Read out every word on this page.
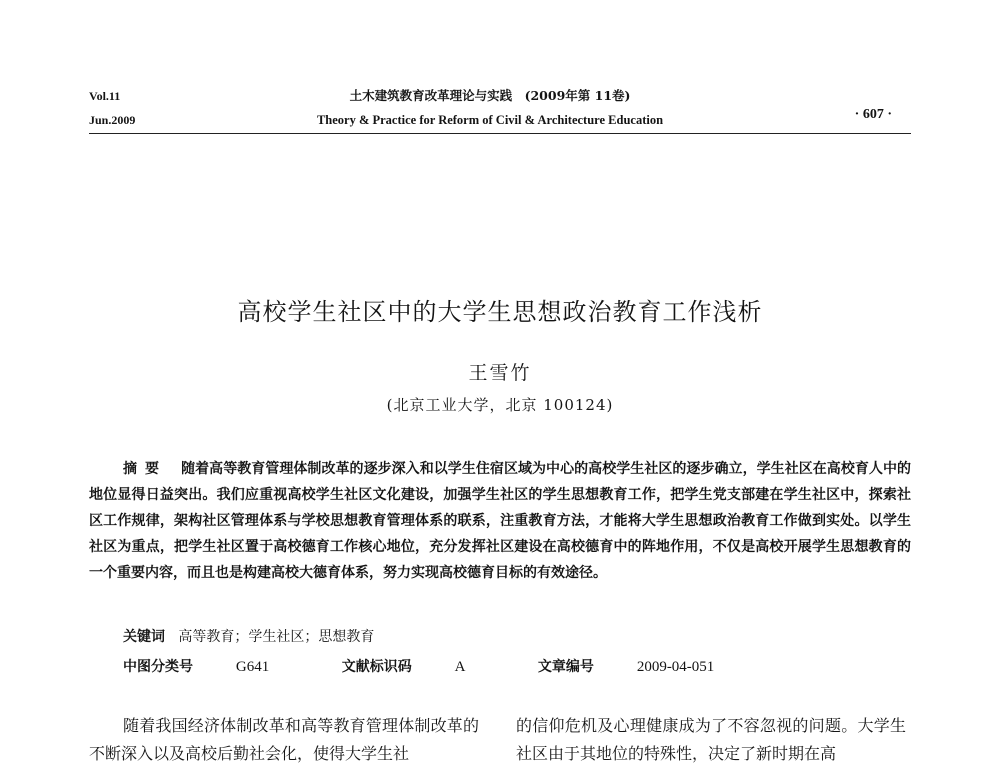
Vol.11
Jun.2009
土木建筑教育改革理论与实践　(2009年第 11卷)
Theory & Practice for Reform of Civil & Architecture Education	· 607 ·
高校学生社区中的大学生思想政治教育工作浅析
王雪竹
(北京工业大学，北京 100124)
摘要 随着高等教育管理体制改革的逐步深入和以学生住宿区域为中心的高校学生社区的逐步确立，学生社区在高校育人中的地位显得日益突出。我们应重视高校学生社区文化建设，加强学生社区的学生思想教育工作，把学生党支部建在学生社区中，探索社区工作规律，架构社区管理体系与学校思想教育管理体系的联系，注重教育方法，才能将大学生思想政治教育工作做到实处。以学生社区为重点，把学生社区置于高校德育工作核心地位，充分发挥社区建设在高校德育中的阵地作用，不仅是高校开展学生思想教育的一个重要内容，而且也是构建高校大德育体系，努力实现高校德育目标的有效途径。
关键词 高等教育；学生社区；思想教育
中图分类号	G641	文献标识码	A	文章编号	2009-04-051
随着我国经济体制改革和高等教育管理体制改革的不断深入以及高校后勤社会化，使得大学生社
的信仰危机及心理健康成为了不容忽视的问题。大学生社区由于其地位的特殊性，决定了新时期在高
